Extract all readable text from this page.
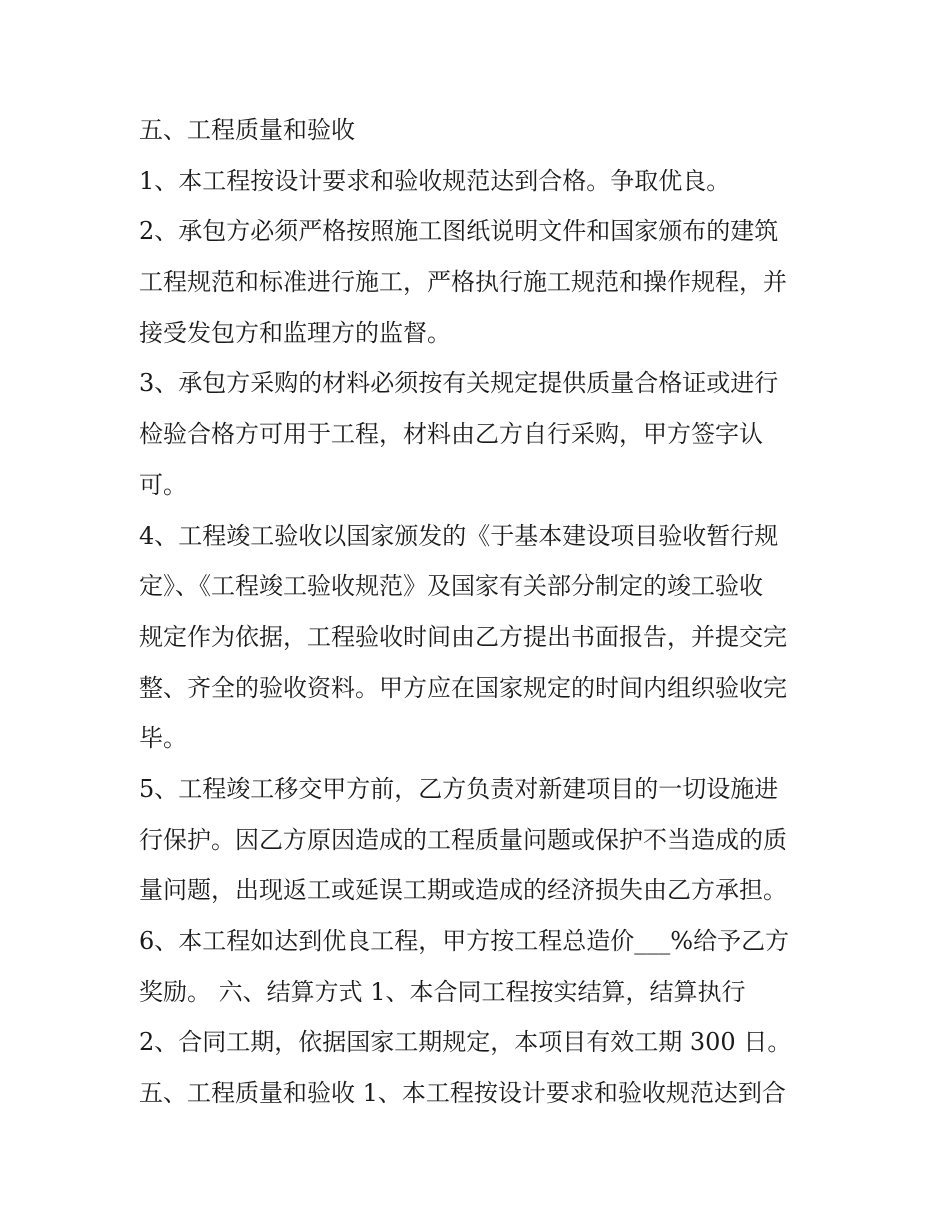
五、工程质量和验收
1、本工程按设计要求和验收规范达到合格。争取优良。
2、承包方必须严格按照施工图纸说明文件和国家颁布的建筑
工程规范和标准进行施工，严格执行施工规范和操作规程，并
接受发包方和监理方的监督。
3、承包方采购的材料必须按有关规定提供质量合格证或进行
检验合格方可用于工程，材料由乙方自行采购，甲方签字认
可。
4、工程竣工验收以国家颁发的《于基本建设项目验收暂行规
定》、《工程竣工验收规范》及国家有关部分制定的竣工验收
规定作为依据，工程验收时间由乙方提出书面报告，并提交完
整、齐全的验收资料。甲方应在国家规定的时间内组织验收完
毕。
5、工程竣工移交甲方前，乙方负责对新建项目的一切设施进
行保护。因乙方原因造成的工程质量问题或保护不当造成的质
量问题，出现返工或延误工期或造成的经济损失由乙方承担。
6、本工程如达到优良工程，甲方按工程总造价___%给予乙方
奖励。 六、结算方式 1、本合同工程按实结算，结算执行
2、合同工期，依据国家工期规定，本项目有效工期 300 日。
五、工程质量和验收 1、本工程按设计要求和验收规范达到合
